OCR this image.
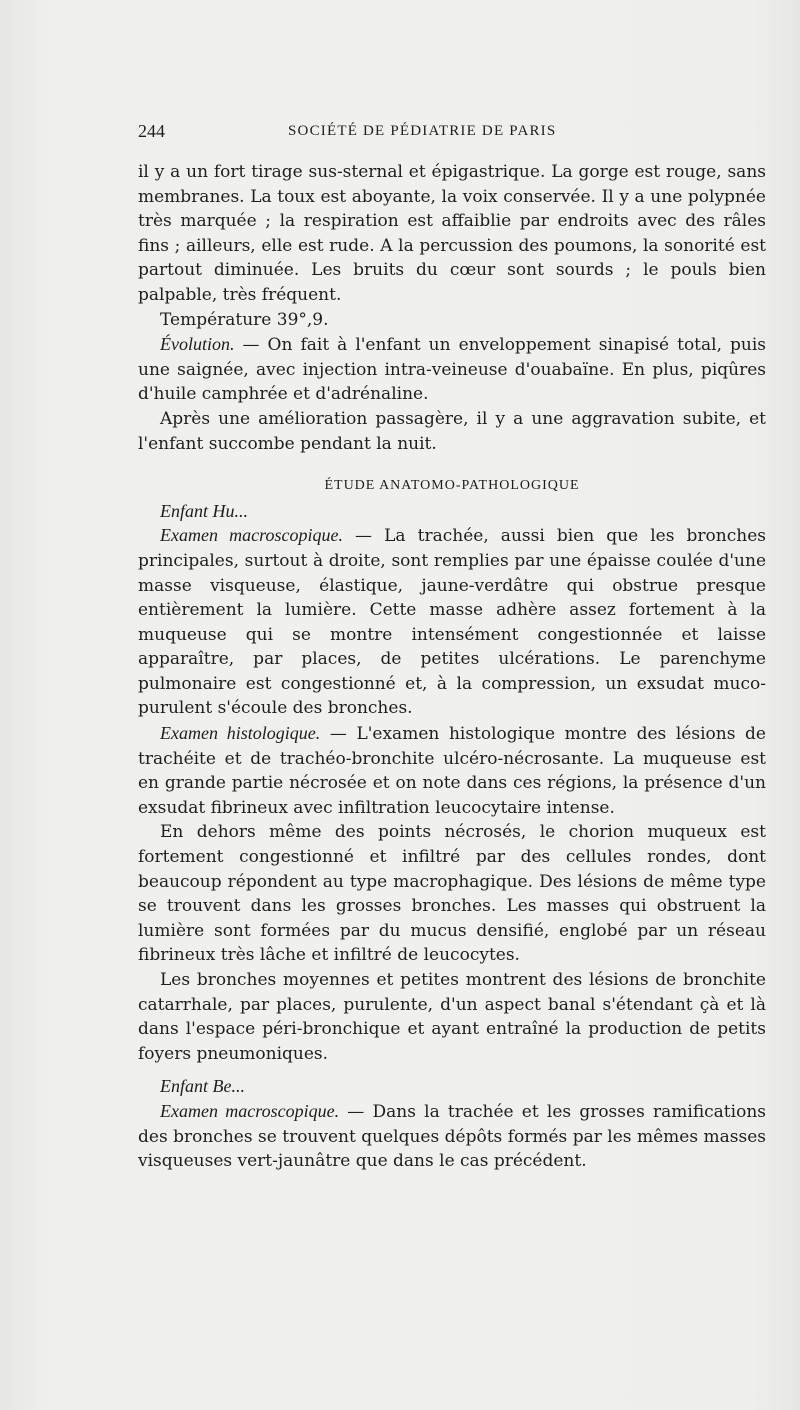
244	SOCIÉTÉ DE PÉDIATRIE DE PARIS

il y a un fort tirage sus-sternal et épigastrique. La gorge est rouge, sans membranes. La toux est aboyante, la voix conservée. Il y a une polypnée très marquée ; la respiration est affaiblie par endroits avec des râles fins ; ailleurs, elle est rude. A la percussion des poumons, la sonorité est partout diminuée. Les bruits du cœur sont sourds ; le pouls bien palpable, très fréquent.

Température 39°,9.

Évolution. — On fait à l'enfant un enveloppement sinapisé total, puis une saignée, avec injection intra-veineuse d'ouabaïne. En plus, piqûres d'huile camphrée et d'adrénaline.

Après une amélioration passagère, il y a une aggravation subite, et l'enfant succombe pendant la nuit.

ÉTUDE ANATOMO-PATHOLOGIQUE

Enfant Hu...

Examen macroscopique. — La trachée, aussi bien que les bronches principales, surtout à droite, sont remplies par une épaisse coulée d'une masse visqueuse, élastique, jaune-verdâtre qui obstrue presque entièrement la lumière. Cette masse adhère assez fortement à la muqueuse qui se montre intensément congestionnée et laisse apparaître, par places, de petites ulcérations. Le parenchyme pulmonaire est congestionné et, à la compression, un exsudat muco-purulent s'écoule des bronches.

Examen histologique. — L'examen histologique montre des lésions de trachéite et de trachéo-bronchite ulcéro-nécrosante. La muqueuse est en grande partie nécrosée et on note dans ces régions, la présence d'un exsudat fibrineux avec infiltration leucocytaire intense.

En dehors même des points nécrosés, le chorion muqueux est fortement congestionné et infiltré par des cellules rondes, dont beaucoup répondent au type macrophagique. Des lésions de même type se trouvent dans les grosses bronches. Les masses qui obstruent la lumière sont formées par du mucus densifié, englobé par un réseau fibrineux très lâche et infiltré de leucocytes.

Les bronches moyennes et petites montrent des lésions de bronchite catarrhale, par places, purulente, d'un aspect banal s'étendant çà et là dans l'espace péri-bronchique et ayant entraîné la production de petits foyers pneumoniques.

Enfant Be...

Examen macroscopique. — Dans la trachée et les grosses ramifications des bronches se trouvent quelques dépôts formés par les mêmes masses visqueuses vert-jaunâtre que dans le cas précédent.
